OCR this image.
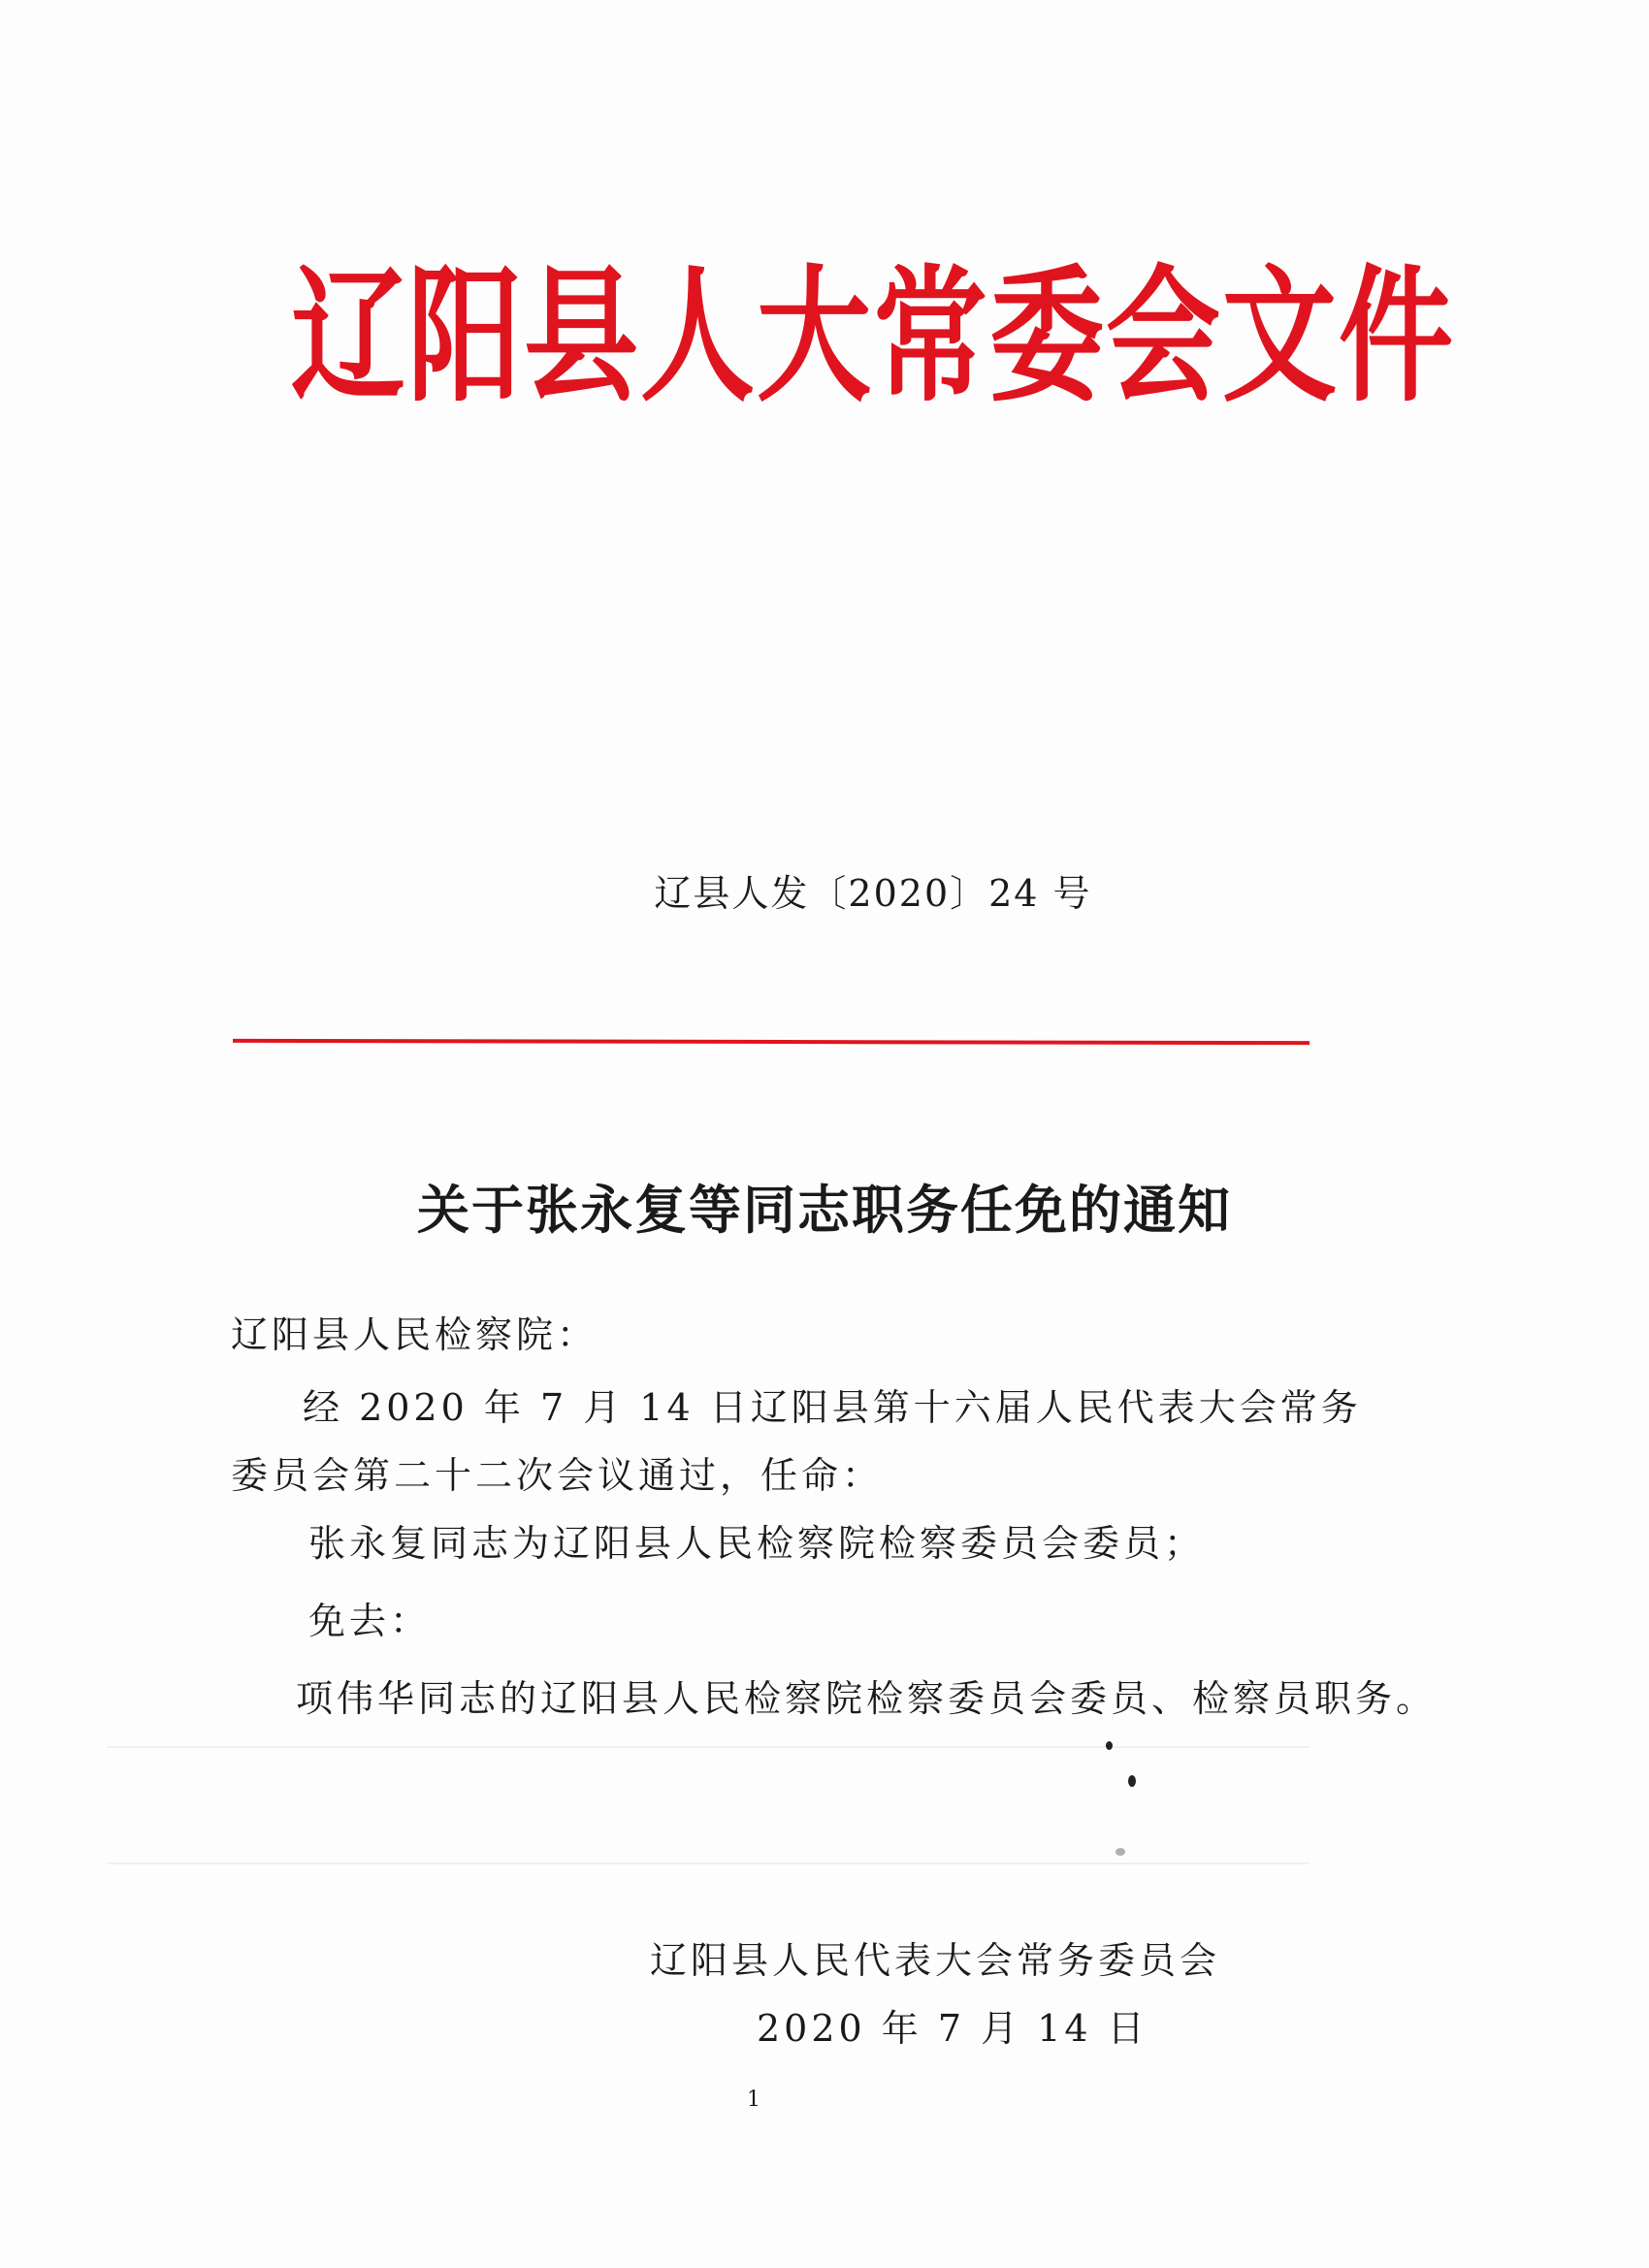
辽阳县人大常委会文件
辽县人发〔2020〕24 号
关于张永复等同志职务任免的通知
辽阳县人民检察院：
经 2020 年 7 月 14 日辽阳县第十六届人民代表大会常务
委员会第二十二次会议通过，任命：
张永复同志为辽阳县人民检察院检察委员会委员；
免去：
项伟华同志的辽阳县人民检察院检察委员会委员、检察员职务。
辽阳县人民代表大会常务委员会
2020 年 7 月 14 日
1
